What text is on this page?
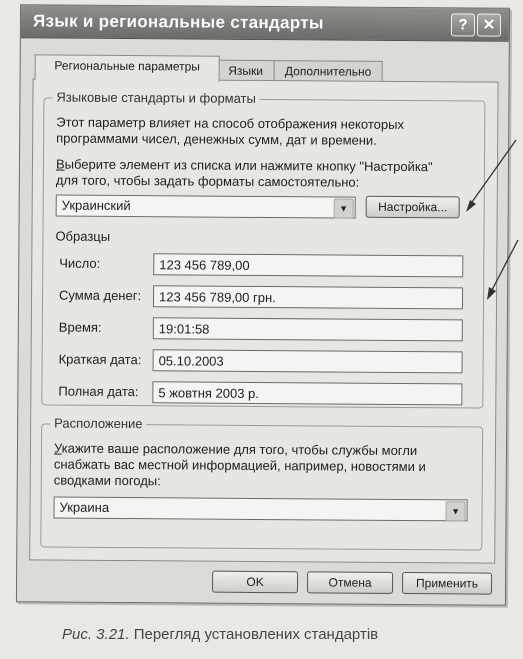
Язык и региональные стандарты	?	✕
Региональные параметры	Языки	Дополнительно
Языковые стандарты и форматы
Этот параметр влияет на способ отображения некоторых
программами чисел, денежных сумм, дат и времени.
Выберите элемент из списка или нажмите кнопку "Настройка"
для того, чтобы задать форматы самостоятельно:
Украинский	▼	Настройка...
Образцы
Число:	123 456 789,00
Сумма денег:	123 456 789,00 грн.
Время:	19:01:58
Краткая дата:	05.10.2003
Полная дата:	5 жовтня 2003 р.
Расположение
Укажите ваше расположение для того, чтобы службы могли
снабжать вас местной информацией, например, новостями и
сводками погоды:
Украина	▼
OK	Отмена	Применить
Рис. 3.21. Перегляд установлених стандартів
